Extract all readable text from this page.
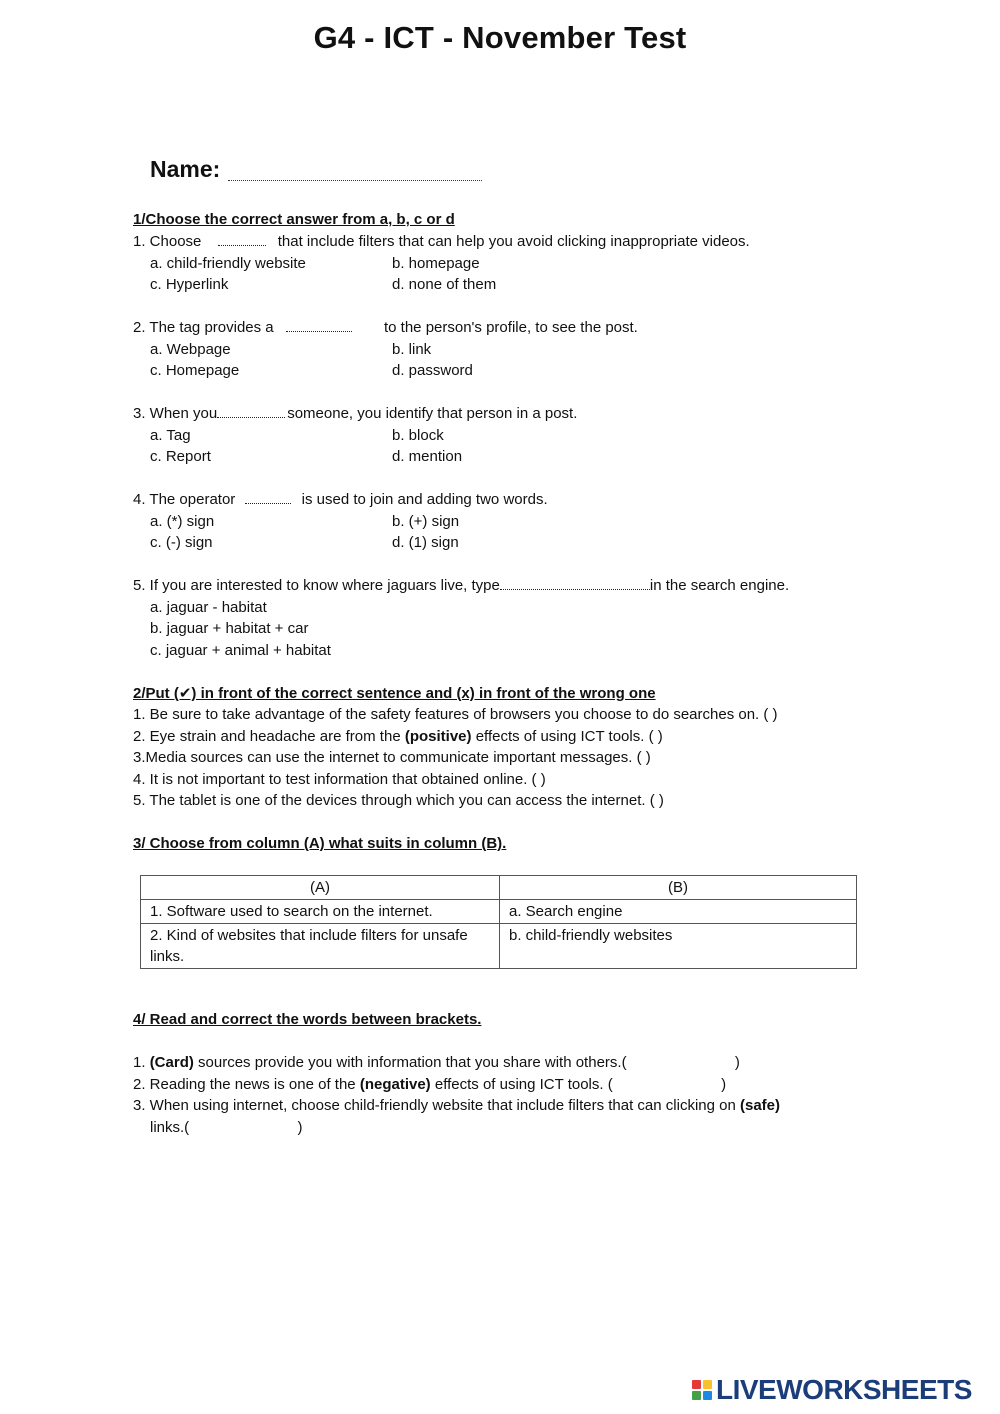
G4 - ICT - November Test
Name:
1/Choose the correct answer from a, b, c or d
1. Choose	that include filters that can help you avoid clicking inappropriate videos.
a. child-friendly website	b. homepage
c. Hyperlink	d. none of them
2. The tag provides a	to the person's profile, to see the post.
a. Webpage	b. link
c. Homepage	d. password
3. When you	someone, you identify that person in a post.
a. Tag	b. block
c. Report	d. mention
4. The operator	is used to join and adding two words.
a. (*) sign	b. (+) sign
c. (-) sign	d. (1) sign
5. If you are interested to know where jaguars live, type	in the search engine.
a. jaguar - habitat
b. jaguar + habitat + car
c. jaguar + animal + habitat
2/Put (✔) in front of the correct sentence and (x) in front of the wrong one
1. Be sure to take advantage of the safety features of browsers you choose to do searches on. ( )
2. Eye strain and headache are from the (positive) effects of using ICT tools. ( )
3.Media sources can use the internet to communicate important messages. ( )
4. It is not important to test information that obtained online. ( )
5. The tablet is one of the devices through which you can access the internet. ( )
3/ Choose from column (A) what suits in column (B).
(A)	(B)
1. Software used to search on the internet.	a. Search engine
2. Kind of websites that include filters for unsafe links.	b. child-friendly websites
4/ Read and correct the words between brackets.
1. (Card) sources provide you with information that you share with others.(                          )
2. Reading the news is one of the (negative) effects of using ICT tools. (                          )
3. When using internet, choose child-friendly website that include filters that can clicking on (safe)
links.(                          )
LIVEWORKSHEETS
